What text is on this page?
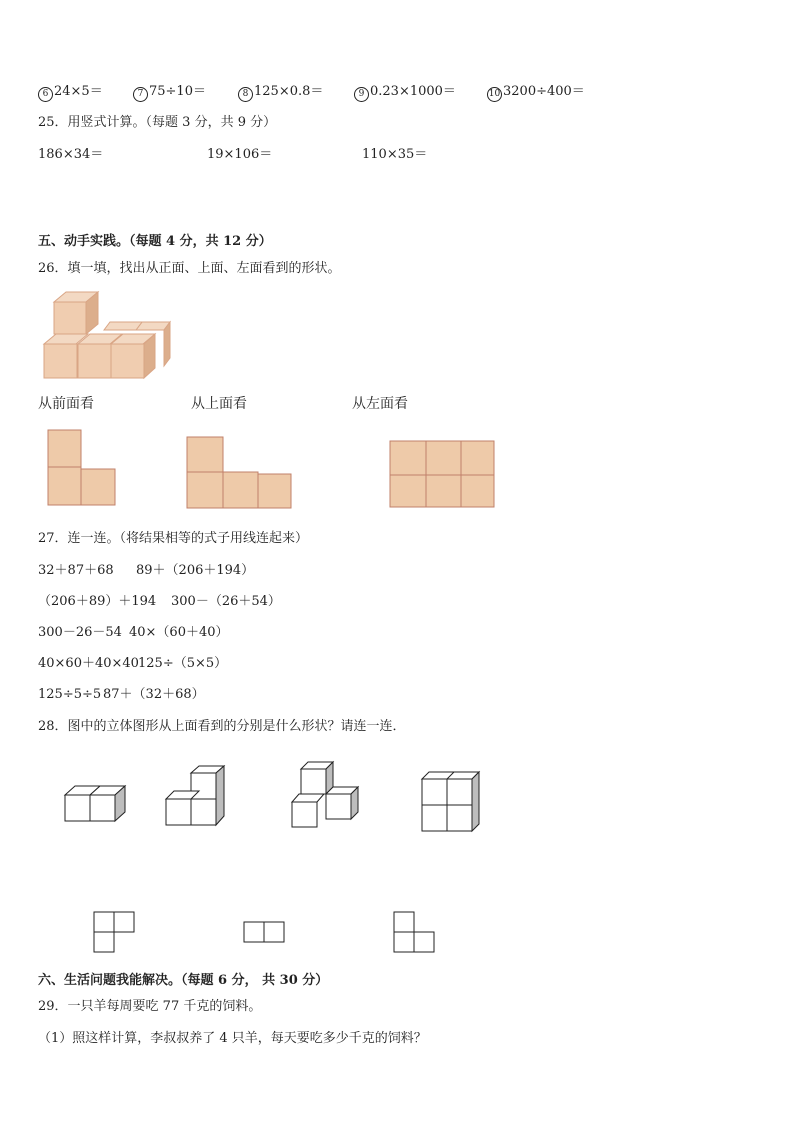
6 24×5＝	7 75÷10＝	8 125×0.8＝	9 0.23×1000＝	10 3200÷400＝
25．用竖式计算。（每题 3 分，共 9 分）
186×34＝	19×106＝	110×35＝
五、动手实践。（每题 4 分，共 12 分）
26．填一填，找出从正面、上面、左面看到的形状。
从前面看	从上面看	从左面看
27．连一连。（将结果相等的式子用线连起来）
32＋87＋68 89＋（206＋194）
（206＋89）＋194 300－（26＋54）
300－26－54 40×（60＋40）
40×60＋40×40 125÷（5×5）
125÷5÷5 87＋（32＋68）
28．图中的立体图形从上面看到的分别是什么形状？请连一连．
六、生活问题我能解决。（每题 6 分， 共 30 分）
29．一只羊每周要吃 77 千克的饲料。
（1）照这样计算，李叔叔养了 4 只羊，每天要吃多少千克的饲料？
